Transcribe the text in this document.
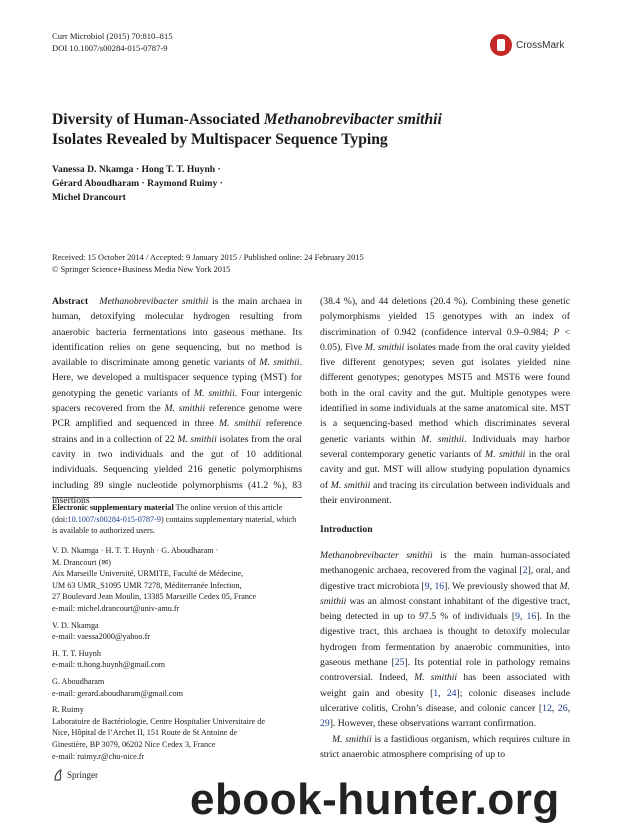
Curr Microbiol (2015) 70:810–815
DOI 10.1007/s00284-015-0787-9	CrossMark
Diversity of Human-Associated Methanobrevibacter smithii
Isolates Revealed by Multispacer Sequence Typing
Vanessa D. Nkamga · Hong T. T. Huynh ·
Gérard Aboudharam · Raymond Ruimy ·
Michel Drancourt
Received: 15 October 2014 / Accepted: 9 January 2015 / Published online: 24 February 2015
© Springer Science+Business Media New York 2015
Abstract Methanobrevibacter smithii is the main archaea in human, detoxifying molecular hydrogen resulting from anaerobic bacteria fermentations into gaseous methane. Its identification relies on gene sequencing, but no method is available to discriminate among genetic variants of M. smithii. Here, we developed a multispacer sequence typing (MST) for genotyping the genetic variants of M. smithii. Four intergenic spacers recovered from the M. smithii reference genome were PCR amplified and sequenced in three M. smithii reference strains and in a collection of 22 M. smithii isolates from the oral cavity in two individuals and the gut of 10 additional individuals. Sequencing yielded 216 genetic polymorphisms including 89 single nucleotide polymorphisms (41.2 %), 83 insertions
(38.4 %), and 44 deletions (20.4 %). Combining these genetic polymorphisms yielded 15 genotypes with an index of discrimination of 0.942 (confidence interval 0.9–0.984; P < 0.05). Five M. smithii isolates made from the oral cavity yielded five different genotypes; seven gut isolates yielded nine different genotypes; genotypes MST5 and MST6 were found both in the oral cavity and the gut. Multiple genotypes were identified in some individuals at the same anatomical site. MST is a sequencing-based method which discriminates several genetic variants within M. smithii. Individuals may harbor several contemporary genetic variants of M. smithii in the oral cavity and gut. MST will allow studying population dynamics of M. smithii and tracing its circulation between individuals and their environment.
Electronic supplementary material The online version of this article (doi:10.1007/s00284-015-0787-9) contains supplementary material, which is available to authorized users.

V. D. Nkamga · H. T. T. Huynh · G. Aboudharam ·
M. Drancourt (✉)
Aix Marseille Université, URMITE, Faculté de Médecine,
UM 63 UMR_S1095 UMR 7278, Méditerranée Infection,
27 Boulevard Jean Moulin, 13385 Marseille Cedex 05, France
e-mail: michel.drancourt@univ-amu.fr

V. D. Nkamga
e-mail: vaessa2000@yahoo.fr

H. T. T. Huynh
e-mail: tt.hong.huynh@gmail.com

G. Aboudharam
e-mail: gerard.aboudharam@gmail.com

R. Ruimy
Laboratoire de Bactériologie, Centre Hospitalier Universitaire de
Nice, Hôpital de l’Archet II, 151 Route de St Antoine de
Ginestière, BP 3079, 06202 Nice Cedex 3, France
e-mail: ruimy.r@chu-nice.fr

Introduction

Methanobrevibacter smithii is the main human-associated methanogenic archaea, recovered from the vaginal [2], oral, and digestive tract microbiota [9, 16]. We previously showed that M. smithii was an almost constant inhabitant of the digestive tract, being detected in up to 97.5 % of individuals [9, 16]. In the digestive tract, this archaea is thought to detoxify molecular hydrogen from fermentation by anaerobic communities, into gaseous methane [25]. Its potential role in pathology remains controversial. Indeed, M. smithii has been associated with weight gain and obesity [1, 24]; colonic diseases include ulcerative colitis, Crohn’s disease, and colonic cancer [12, 26, 29]. However, these observations warrant confirmation.

M. smithii is a fastidious organism, which requires culture in strict anaerobic atmosphere comprising of up to

Springer ebook-hunter.org
